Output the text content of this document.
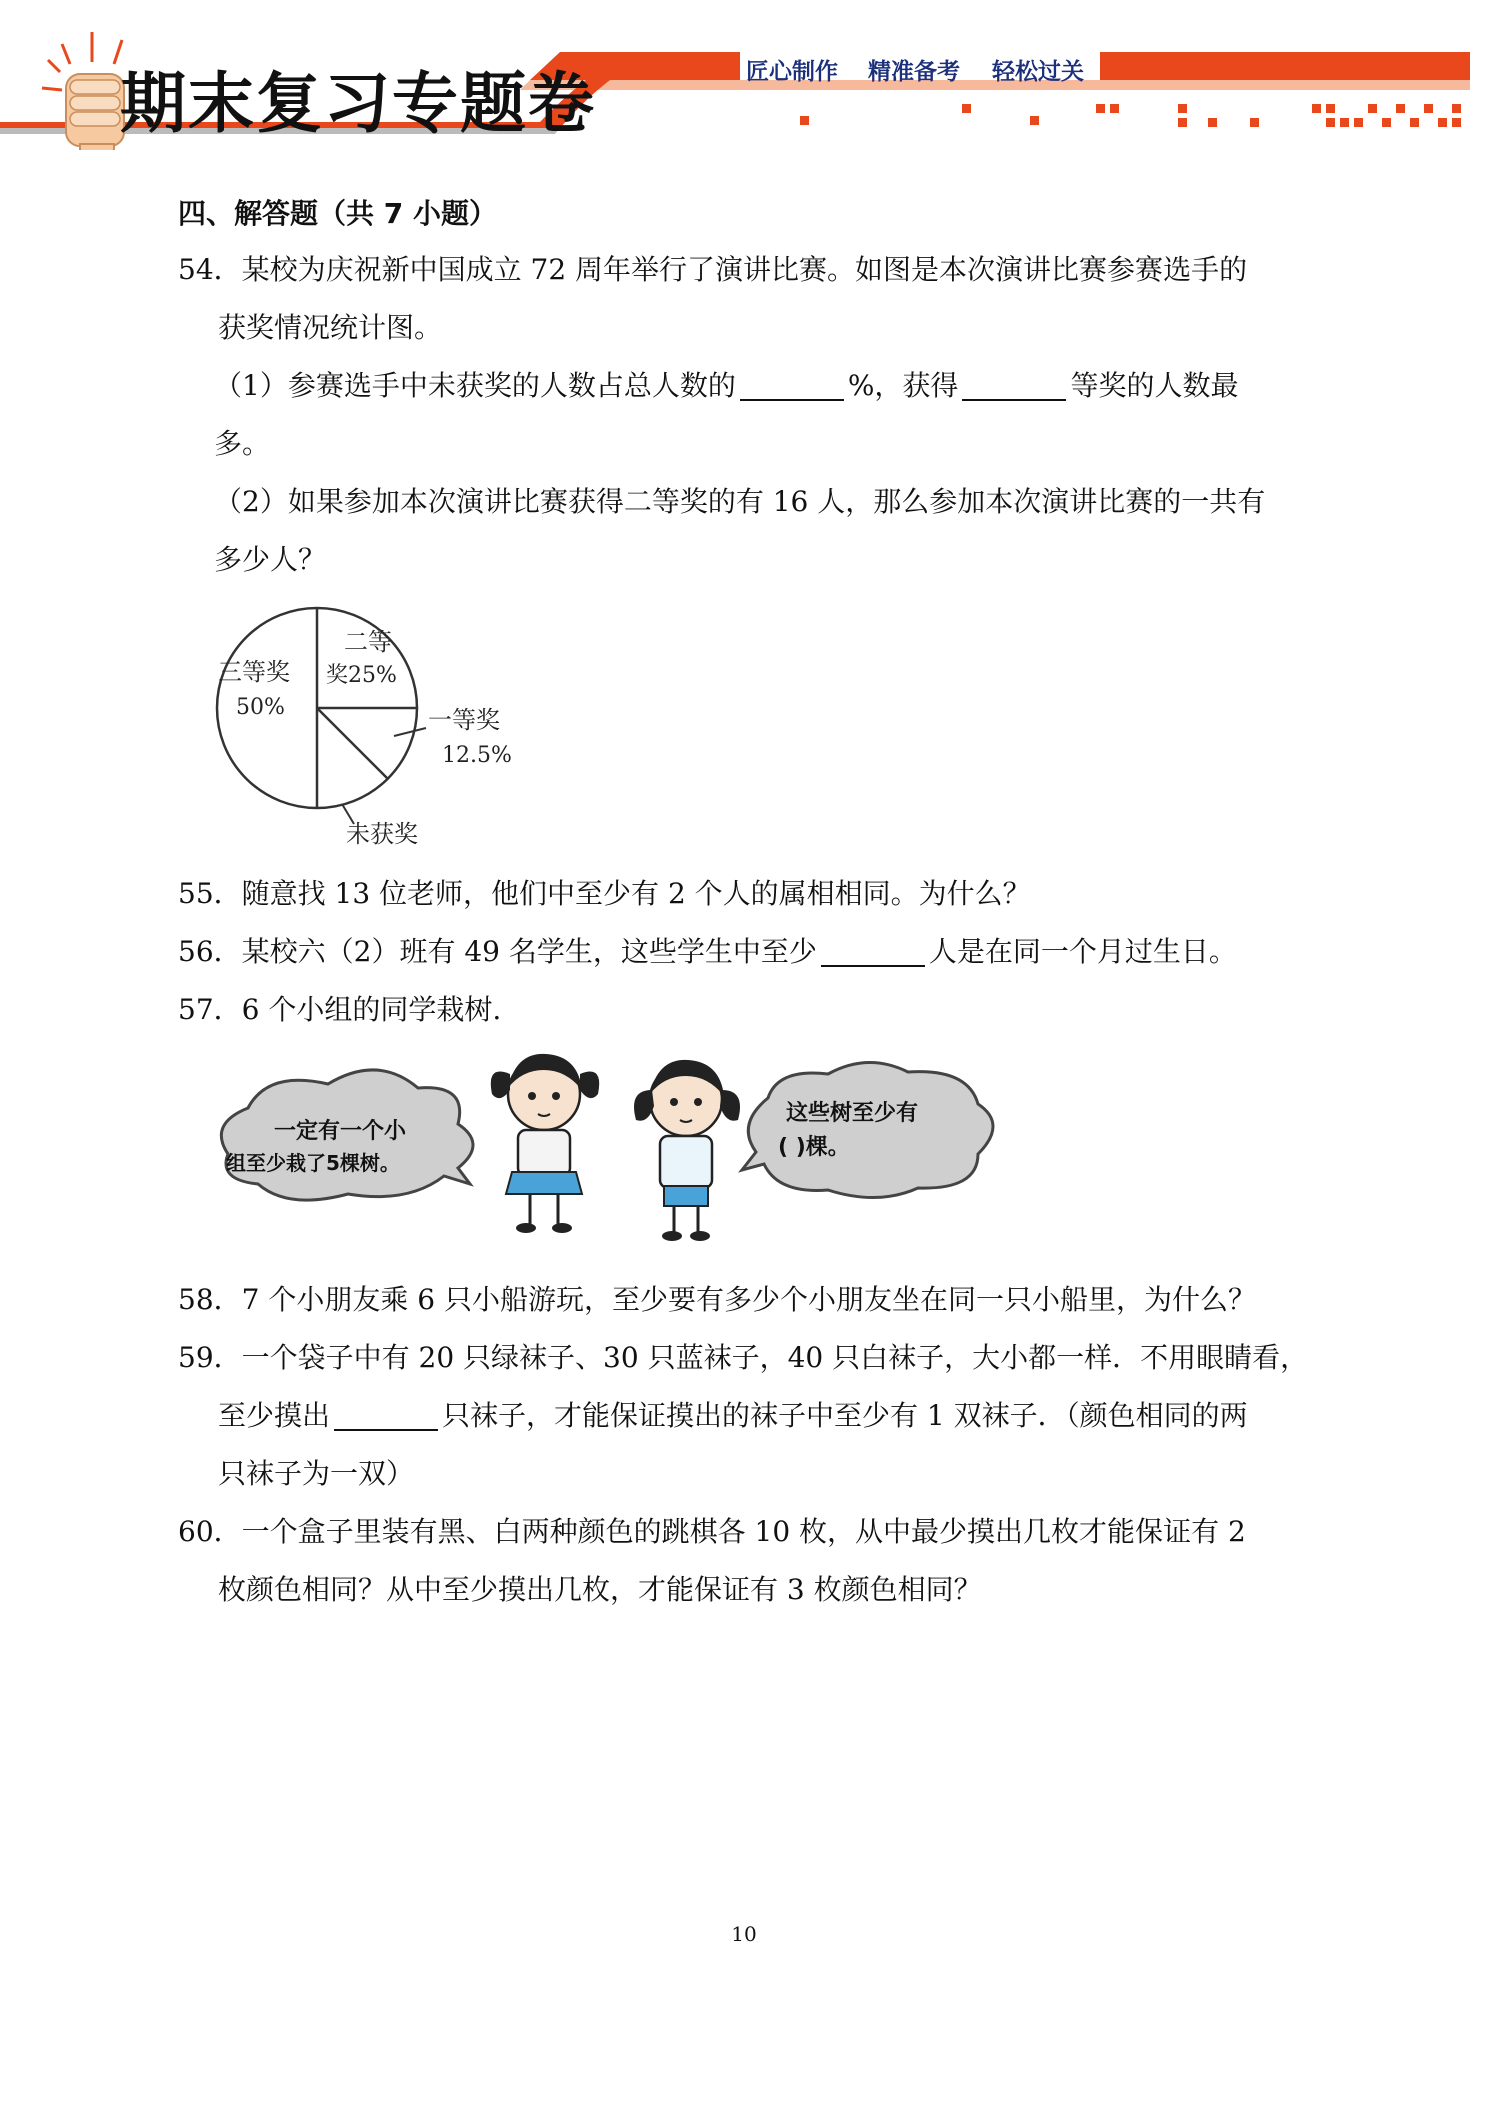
期末复习专题卷	匠心制作 精准备考 轻松过关
四、解答题（共 7 小题）
54．某校为庆祝新中国成立 72 周年举行了演讲比赛。如图是本次演讲比赛参赛选手的
获奖情况统计图。
（1）参赛选手中未获奖的人数占总人数的	%，获得	等奖的人数最
多。
（2）如果参加本次演讲比赛获得二等奖的有 16 人，那么参加本次演讲比赛的一共有
多少人？
三等奖
50%
二等
奖25%
一等奖
12.5%
未获奖
55．随意找 13 位老师，他们中至少有 2 个人的属相相同。为什么？
56．某校六（2）班有 49 名学生，这些学生中至少	人是在同一个月过生日。
57．6 个小组的同学栽树.
一定有一个小
组至少栽了5棵树。
这些树至少有
( )棵。
58．7 个小朋友乘 6 只小船游玩，至少要有多少个小朋友坐在同一只小船里，为什么？
59．一个袋子中有 20 只绿袜子、30 只蓝袜子，40 只白袜子，大小都一样．不用眼睛看，
至少摸出	只袜子，才能保证摸出的袜子中至少有 1 双袜子．（颜色相同的两
只袜子为一双）
60．一个盒子里装有黑、白两种颜色的跳棋各 10 枚，从中最少摸出几枚才能保证有 2
枚颜色相同？从中至少摸出几枚，才能保证有 3 枚颜色相同？
10
